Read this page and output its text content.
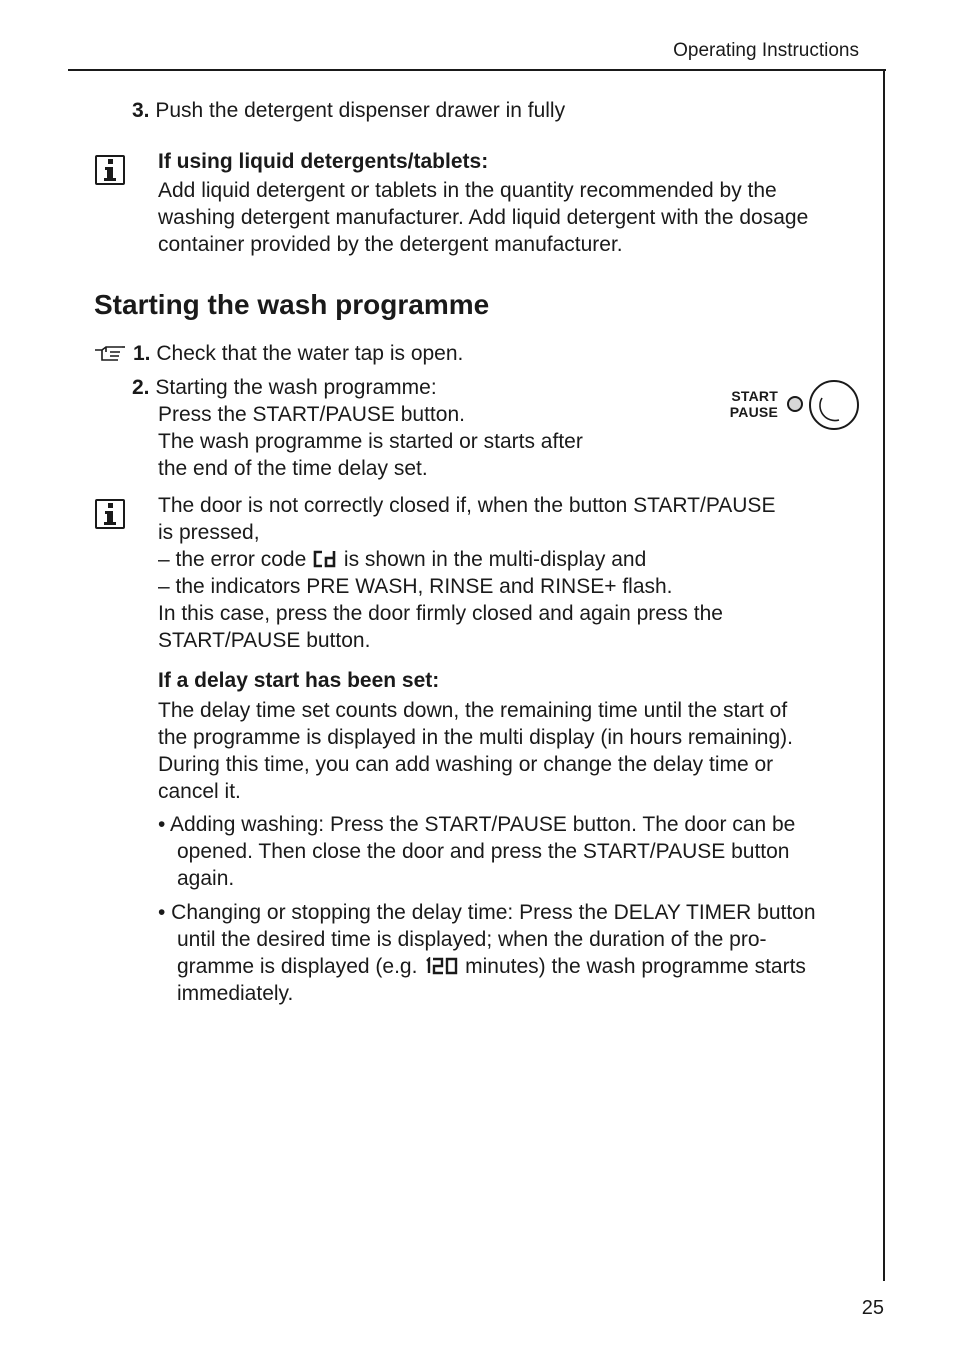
Operating Instructions
3. Push the detergent dispenser drawer in fully
If using liquid detergents/tablets:
Add liquid detergent or tablets in the quantity recommended by the
washing detergent manufacturer. Add liquid detergent with the dosage
container provided by the detergent manufacturer.
Starting the wash programme
1. Check that the water tap is open.
2. Starting the wash programme:
Press the START/PAUSE button.
The wash programme is started or starts after
the end of the time delay set.
START
PAUSE
The door is not correctly closed if, when the button START/PAUSE
is pressed,
– the error code  is shown in the multi-display and
– the indicators PRE WASH, RINSE and RINSE+ flash.
In this case, press the door firmly closed and again press the
START/PAUSE button.
If a delay start has been set:
The delay time set counts down, the remaining time until the start of
the programme is displayed in the multi display (in hours remaining).
During this time, you can add washing or change the delay time or
cancel it.
• Adding washing: Press the START/PAUSE button. The door can be
opened. Then close the door and press the START/PAUSE button
again.
• Changing or stopping the delay time: Press the DELAY TIMER button
until the desired time is displayed; when the duration of the pro-
gramme is displayed (e.g.  minutes) the wash programme starts
immediately.
25
